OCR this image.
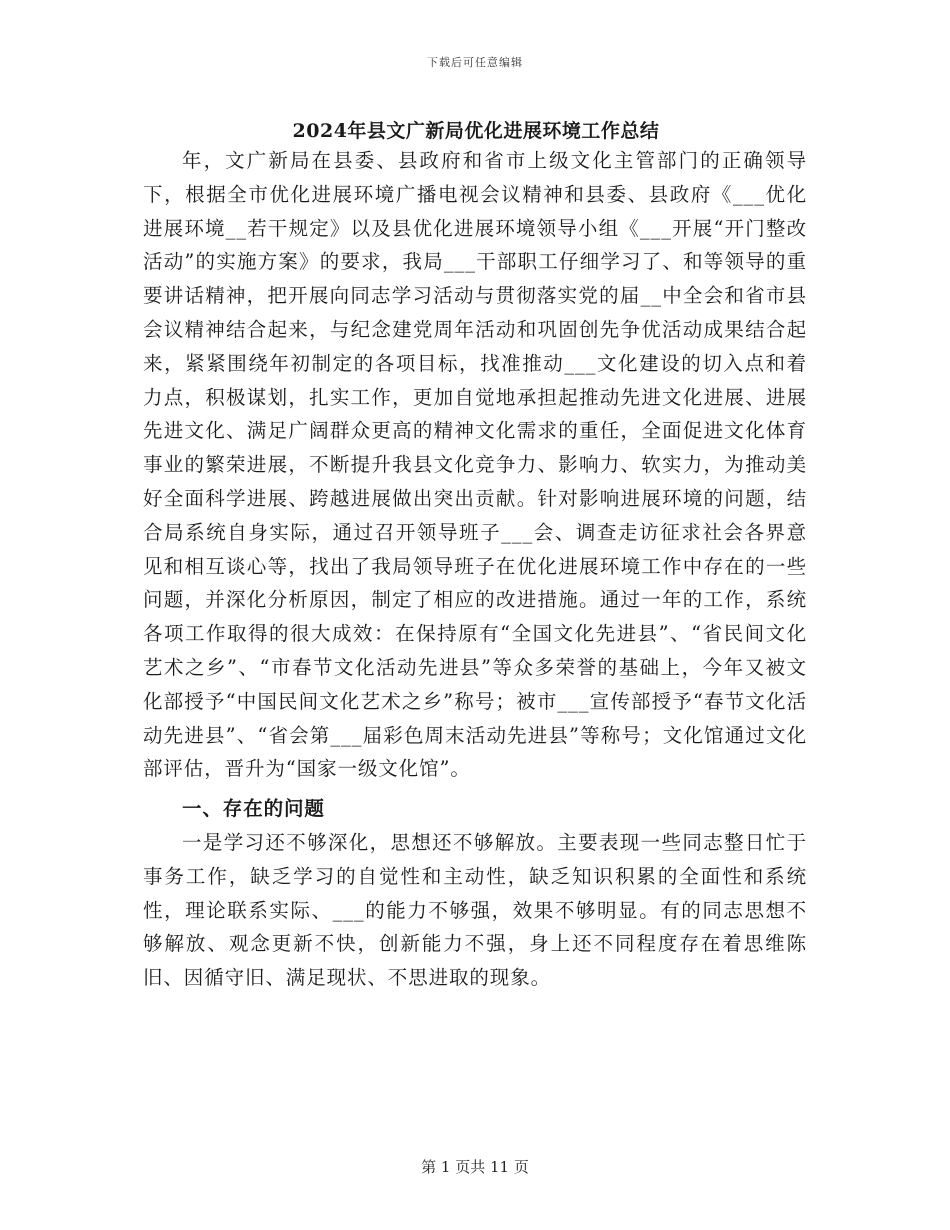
下载后可任意编辑
2024年县文广新局优化进展环境工作总结

年，文广新局在县委、县政府和省市上级文化主管部门的正确领导下，根据全市优化进展环境广播电视会议精神和县委、县政府《___优化进展环境__若干规定》以及县优化进展环境领导小组《___开展“开门整改活动”的实施方案》的要求，我局___干部职工仔细学习了、和等领导的重要讲话精神，把开展向同志学习活动与贯彻落实党的届__中全会和省市县会议精神结合起来，与纪念建党周年活动和巩固创先争优活动成果结合起来，紧紧围绕年初制定的各项目标，找准推动___文化建设的切入点和着力点，积极谋划，扎实工作，更加自觉地承担起推动先进文化进展、进展先进文化、满足广阔群众更高的精神文化需求的重任，全面促进文化体育事业的繁荣进展，不断提升我县文化竞争力、影响力、软实力，为推动美好全面科学进展、跨越进展做出突出贡献。针对影响进展环境的问题，结合局系统自身实际，通过召开领导班子___会、调查走访征求社会各界意见和相互谈心等，找出了我局领导班子在优化进展环境工作中存在的一些问题，并深化分析原因，制定了相应的改进措施。通过一年的工作，系统各项工作取得的很大成效：在保持原有“全国文化先进县”、“省民间文化艺术之乡”、“市春节文化活动先进县”等众多荣誉的基础上，今年又被文化部授予“中国民间文化艺术之乡”称号；被市___宣传部授予“春节文化活动先进县”、“省会第___届彩色周末活动先进县”等称号；文化馆通过文化部评估，晋升为“国家一级文化馆”。

一、存在的问题

一是学习还不够深化，思想还不够解放。主要表现一些同志整日忙于事务工作，缺乏学习的自觉性和主动性，缺乏知识积累的全面性和系统性，理论联系实际、___的能力不够强，效果不够明显。有的同志思想不够解放、观念更新不快，创新能力不强，身上还不同程度存在着思维陈旧、因循守旧、满足现状、不思进取的现象。

第 1 页共 11 页
